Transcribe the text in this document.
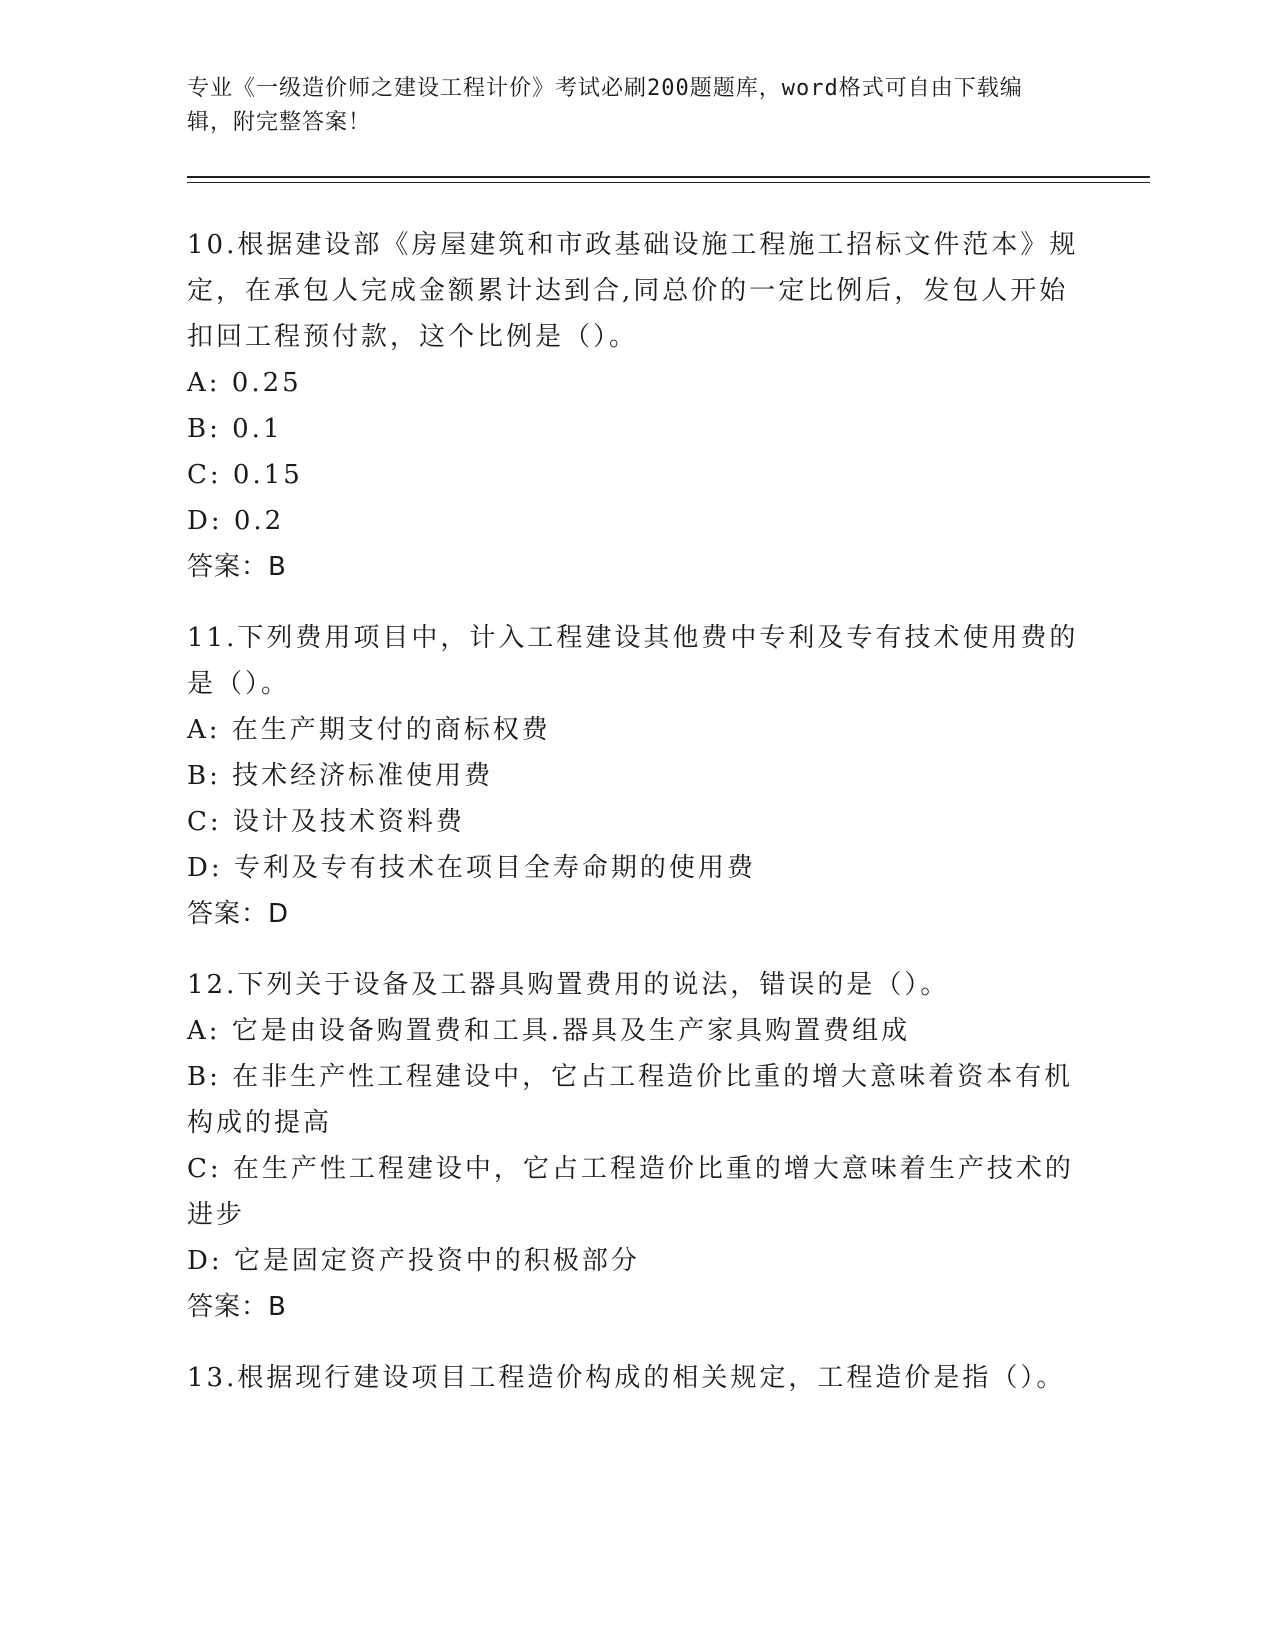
专业《一级造价师之建设工程计价》考试必刷200题题库，word格式可自由下载编辑，附完整答案！

10.根据建设部《房屋建筑和市政基础设施工程施工招标文件范本》规定，在承包人完成金额累计达到合,同总价的一定比例后，发包人开始扣回工程预付款，这个比例是（）。

A: 0.25

B: 0.1

C: 0.15

D: 0.2

答案：B

11.下列费用项目中，计入工程建设其他费中专利及专有技术使用费的是（）。

A: 在生产期支付的商标权费

B: 技术经济标准使用费

C: 设计及技术资料费

D: 专利及专有技术在项目全寿命期的使用费

答案：D

12.下列关于设备及工器具购置费用的说法，错误的是（）。

A: 它是由设备购置费和工具.器具及生产家具购置费组成

B: 在非生产性工程建设中，它占工程造价比重的增大意味着资本有机构成的提高

C: 在生产性工程建设中，它占工程造价比重的增大意味着生产技术的进步

D: 它是固定资产投资中的积极部分

答案：B

13.根据现行建设项目工程造价构成的相关规定，工程造价是指（）。
